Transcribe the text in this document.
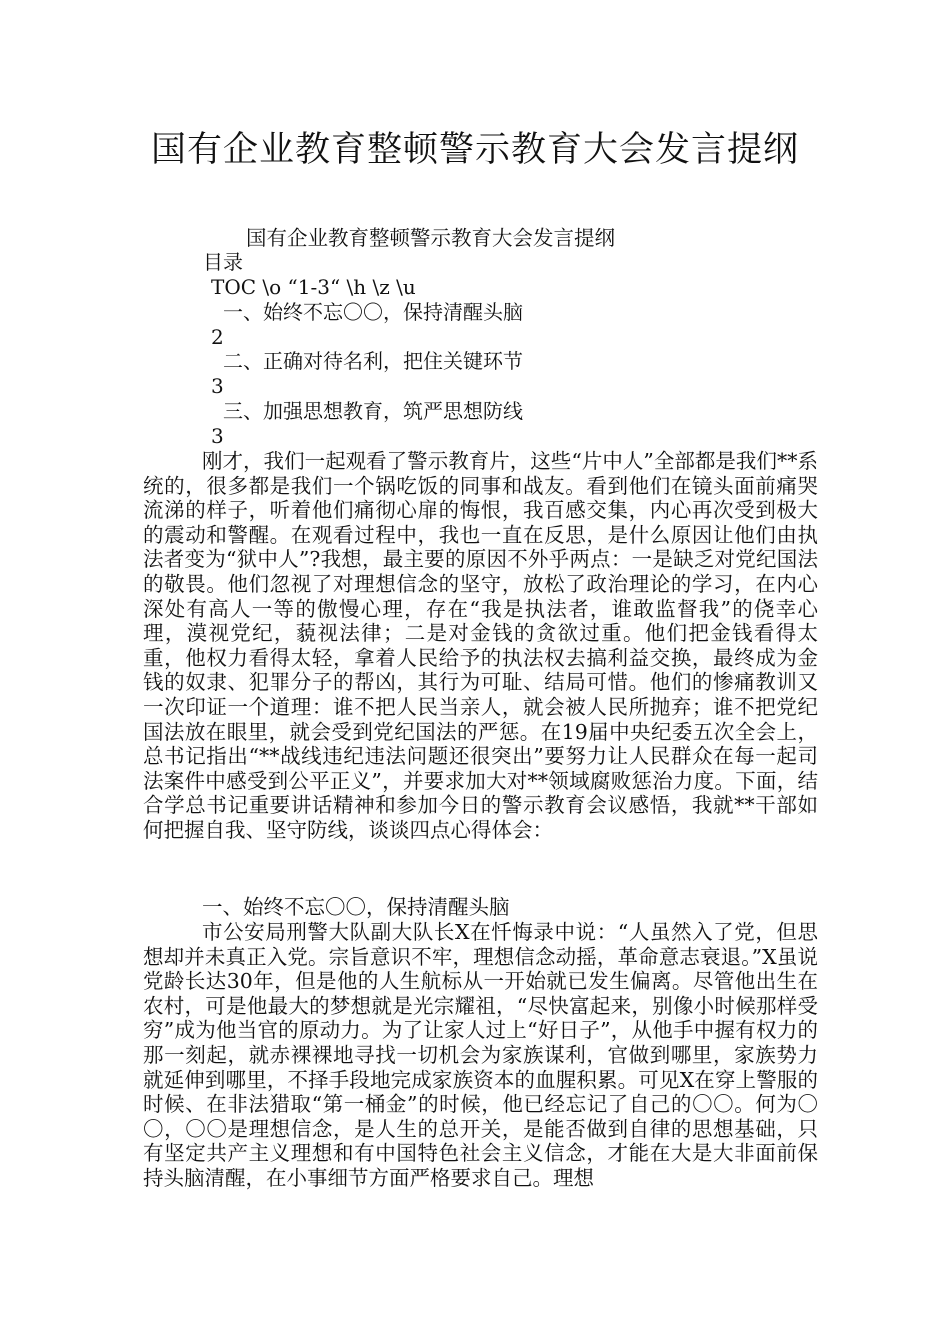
国有企业教育整顿警示教育大会发言提纲
国有企业教育整顿警示教育大会发言提纲
目录
TOC \o “1-3“ \h \z \u
一、始终不忘〇〇，保持清醒头脑
2
二、正确对待名利，把住关键环节
3
三、加强思想教育，筑严思想防线
3

刚才，我们一起观看了警示教育片，这些“片中人”全部都是我们**系统的，很多都是我们一个锅吃饭的同事和战友。看到他们在镜头面前痛哭流涕的样子，听着他们痛彻心扉的悔恨，我百感交集，内心再次受到极大的震动和警醒。在观看过程中，我也一直在反思，是什么原因让他们由执法者变为“狱中人”?我想，最主要的原因不外乎两点：一是缺乏对党纪国法的敬畏。他们忽视了对理想信念的坚守，放松了政治理论的学习，在内心深处有高人一等的傲慢心理，存在“我是执法者，谁敢监督我”的侥幸心理，漠视党纪，藐视法律；二是对金钱的贪欲过重。他们把金钱看得太重，他权力看得太轻，拿着人民给予的执法权去搞利益交换，最终成为金钱的奴隶、犯罪分子的帮凶，其行为可耻、结局可惜。他们的惨痛教训又一次印证一个道理：谁不把人民当亲人，就会被人民所抛弃；谁不把党纪国法放在眼里，就会受到党纪国法的严惩。在19届中央纪委五次全会上，总书记指出“**战线违纪违法问题还很突出”要努力让人民群众在每一起司法案件中感受到公平正义”，并要求加大对**领域腐败惩治力度。下面，结合学总书记重要讲话精神和参加今日的警示教育会议感悟，我就**干部如何把握自我、坚守防线，谈谈四点心得体会：

一、始终不忘〇〇，保持清醒头脑

市公安局刑警大队副大队长X在忏悔录中说：“人虽然入了党，但思想却并未真正入党。宗旨意识不牢，理想信念动摇，革命意志衰退。”X虽说党龄长达30年，但是他的人生航标从一开始就已发生偏离。尽管他出生在农村，可是他最大的梦想就是光宗耀祖，“尽快富起来，别像小时候那样受穷”成为他当官的原动力。为了让家人过上“好日子”，从他手中握有权力的那一刻起，就赤裸裸地寻找一切机会为家族谋利，官做到哪里，家族势力就延伸到哪里，不择手段地完成家族资本的血腥积累。可见X在穿上警服的时候、在非法猎取“第一桶金”的时候，他已经忘记了自己的〇〇。何为〇〇，〇〇是理想信念，是人生的总开关，是能否做到自律的思想基础，只有坚定共产主义理想和有中国特色社会主义信念，才能在大是大非面前保持头脑清醒，在小事细节方面严格要求自己。理想
